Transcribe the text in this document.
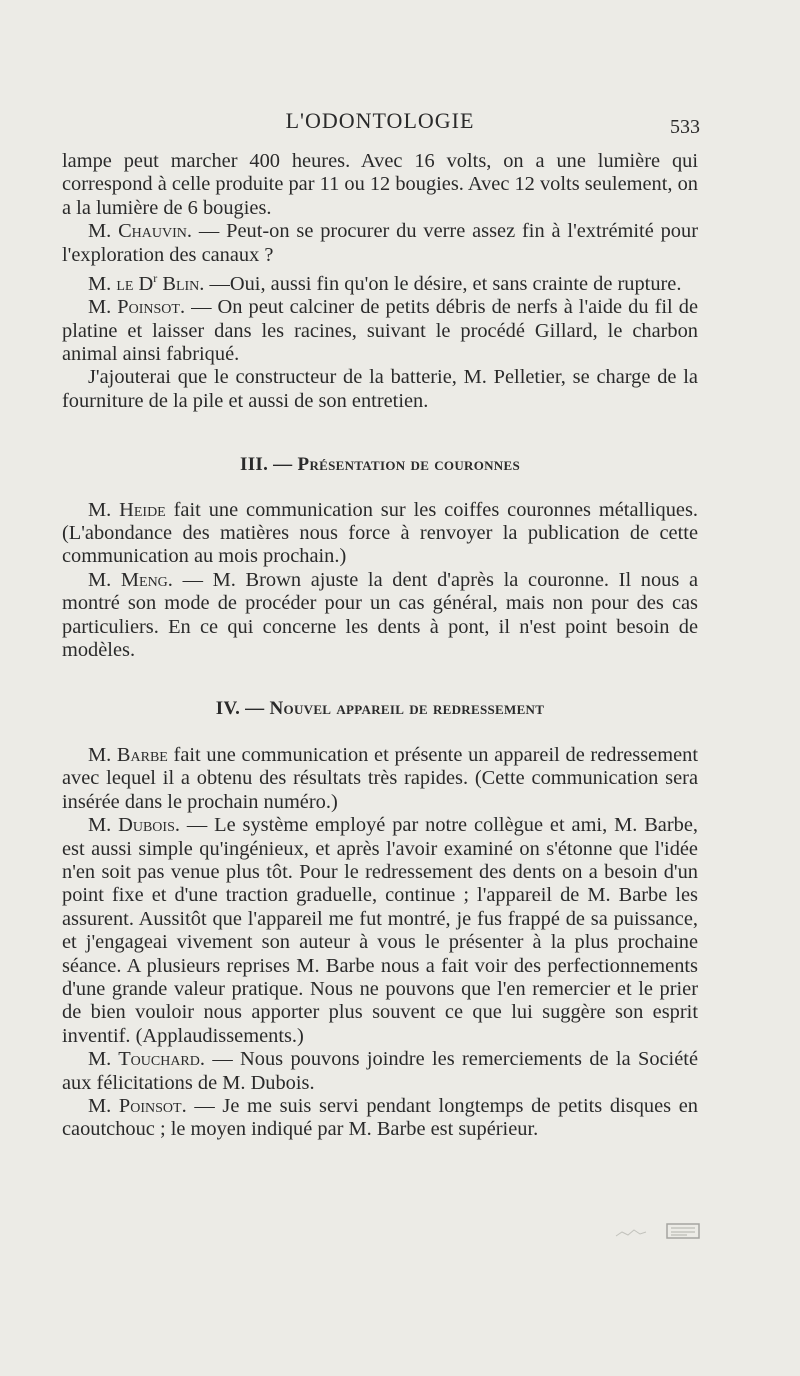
L'ODONTOLOGIE	533

lampe peut marcher 400 heures. Avec 16 volts, on a une lumière qui correspond à celle produite par 11 ou 12 bougies. Avec 12 volts seulement, on a la lumière de 6 bougies.

M. Chauvin. — Peut-on se procurer du verre assez fin à l'extrémité pour l'exploration des canaux ?

M. le $D^r$ Blin. —Oui, aussi fin qu'on le désire, et sans crainte de rupture.

M. Poinsot. — On peut calciner de petits débris de nerfs à l'aide du fil de platine et laisser dans les racines, suivant le procédé Gillard, le charbon animal ainsi fabriqué.

J'ajouterai que le constructeur de la batterie, M. Pelletier, se charge de la fourniture de la pile et aussi de son entretien.

III. — Présentation de couronnes

M. Heide fait une communication sur les coiffes couronnes métalliques. (L'abondance des matières nous force à renvoyer la publication de cette communication au mois prochain.)

M. Meng. — M. Brown ajuste la dent d'après la couronne. Il nous a montré son mode de procéder pour un cas général, mais non pour des cas particuliers. En ce qui concerne les dents à pont, il n'est point besoin de modèles.

IV. — Nouvel appareil de redressement

M. Barbe fait une communication et présente un appareil de redressement avec lequel il a obtenu des résultats très rapides. (Cette communication sera insérée dans le prochain numéro.)

M. Dubois. — Le système employé par notre collègue et ami, M. Barbe, est aussi simple qu'ingénieux, et après l'avoir examiné on s'étonne que l'idée n'en soit pas venue plus tôt. Pour le redressement des dents on a besoin d'un point fixe et d'une traction graduelle, continue ; l'appareil de M. Barbe les assurent. Aussitôt que l'appareil me fut montré, je fus frappé de sa puissance, et j'engageai vivement son auteur à vous le présenter à la plus prochaine séance. A plusieurs reprises M. Barbe nous a fait voir des perfectionnements d'une grande valeur pratique. Nous ne pouvons que l'en remercier et le prier de bien vouloir nous apporter plus souvent ce que lui suggère son esprit inventif. (Applaudissements.)

M. Touchard. — Nous pouvons joindre les remerciements de la Société aux félicitations de M. Dubois.

M. Poinsot. — Je me suis servi pendant longtemps de petits disques en caoutchouc ; le moyen indiqué par M. Barbe est supérieur.
